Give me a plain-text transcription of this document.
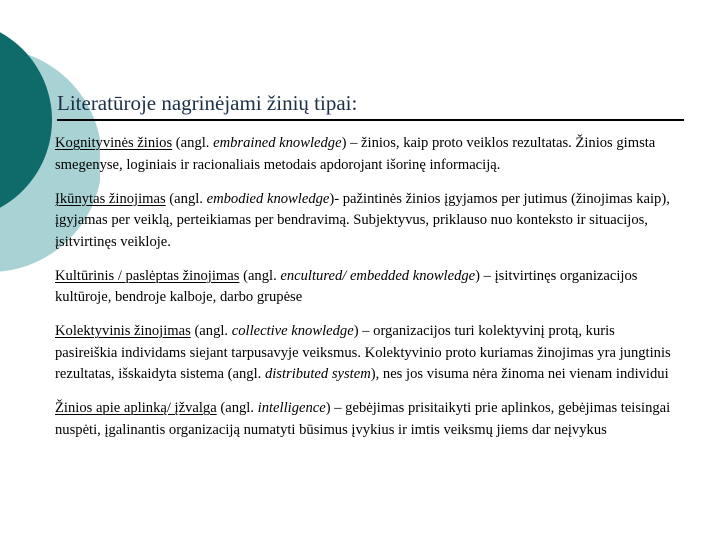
Literatūroje nagrinėjami žinių tipai:

Kognityvinės žinios (angl. embrained knowledge) – žinios, kaip proto veiklos rezultatas. Žinios gimsta smegenyse, loginiais ir racionaliais metodais apdorojant išorinę informaciją.

Įkūnytas žinojimas (angl. embodied knowledge)- pažintinės žinios įgyjamos per jutimus (žinojimas kaip), įgyjamas per veiklą, perteikiamas per bendravimą. Subjektyvus, priklauso nuo konteksto ir situacijos, įsitvirtinęs veikloje.

Kultūrinis / paslėptas žinojimas (angl. encultured/ embedded knowledge) – įsitvirtinęs organizacijos kultūroje, bendroje kalboje, darbo grupėse

Kolektyvinis žinojimas (angl. collective knowledge) – organizacijos turi kolektyvinį protą, kuris pasireiškia individams siejant tarpusavyje veiksmus. Kolektyvinio proto kuriamas žinojimas yra jungtinis rezultatas, išskaidyta sistema (angl. distributed system), nes jos visuma nėra žinoma nei vienam individui

Žinios apie aplinką/ įžvalga (angl. intelligence) – gebėjimas prisitaikyti prie aplinkos, gebėjimas teisingai nuspėti, įgalinantis organizaciją numatyti būsimus įvykius ir imtis veiksmų jiems dar neįvykus
